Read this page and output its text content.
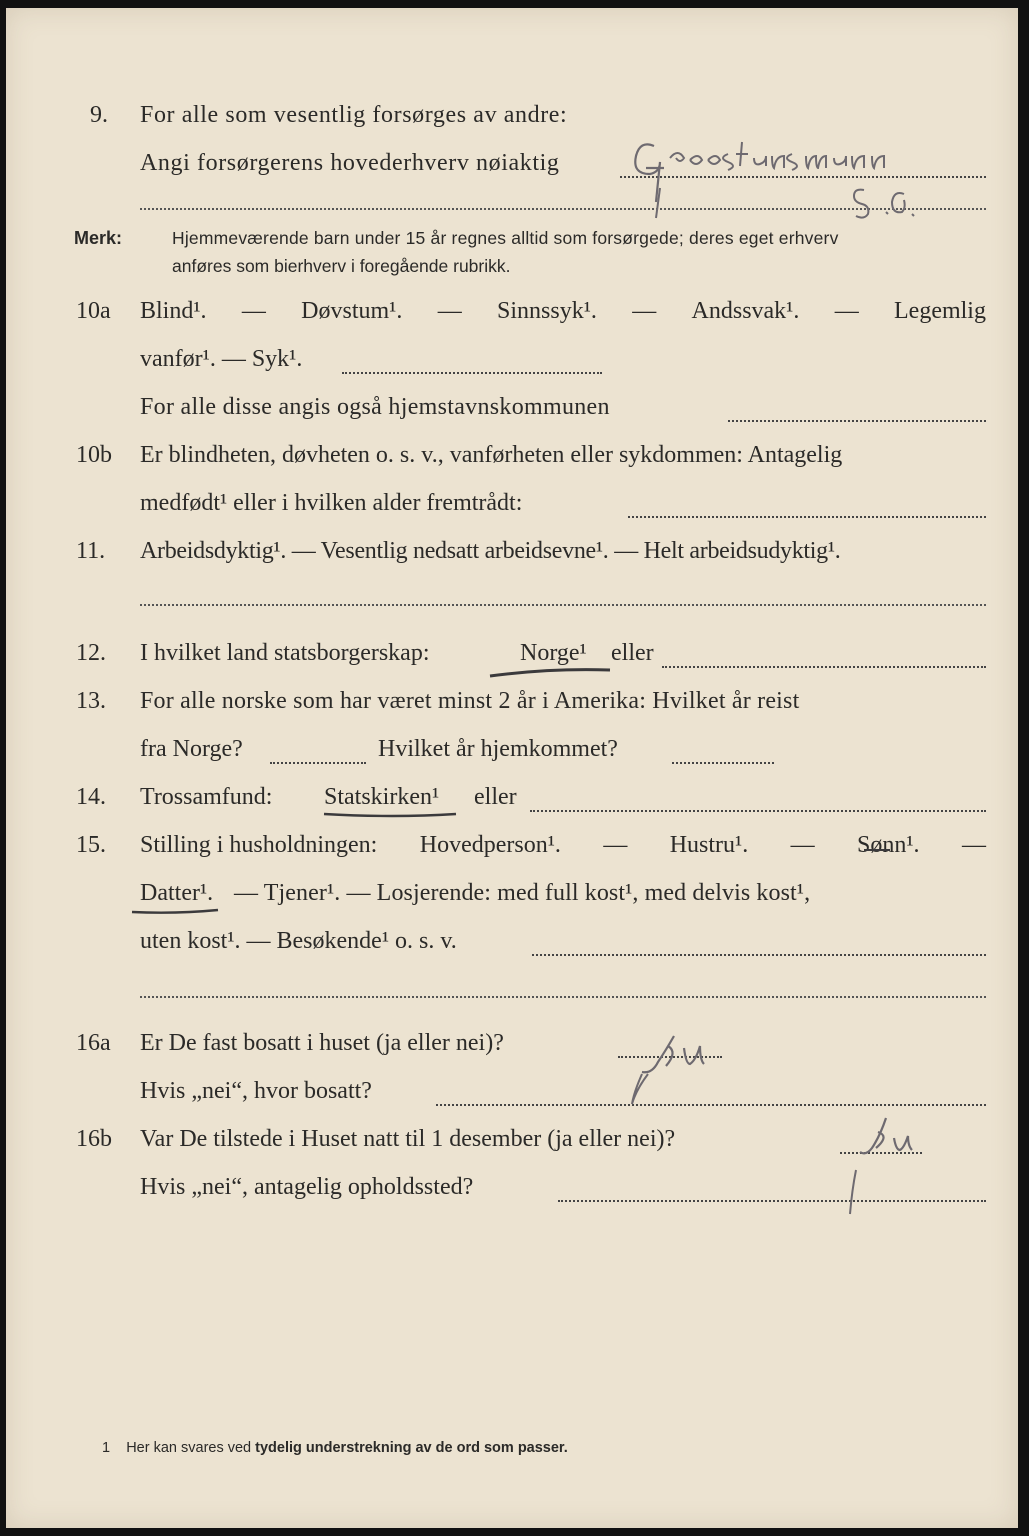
9. For alle som vesentlig forsørges av andre:
Angi forsørgerens hovederhverv nøiaktig
Merk:	Hjemmeværende barn under 15 år regnes alltid som forsørgede; deres eget erhverv
anføres som bierhverv i foregående rubrikk.
10a Blind¹. — Døvstum¹. — Sinnssyk¹. — Andssvak¹. — Legemlig
vanfør¹. — Syk¹.
For alle disse angis også hjemstavnskommunen
10b Er blindheten, døvheten o. s. v., vanførheten eller sykdommen: Antagelig
medfødt¹ eller i hvilken alder fremtrådt:
11. Arbeidsdyktig¹. — Vesentlig nedsatt arbeidsevne¹. — Helt arbeidsudyktig¹.
12. I hvilket land statsborgerskap:	Norge¹ eller
13. For alle norske som har været minst 2 år i Amerika: Hvilket år reist
fra Norge?	Hvilket år hjemkommet?
14. Trossamfund: Statskirken¹ eller
15. Stilling i husholdningen: Hovedperson¹. — Hustru¹. — Sønn¹. —
Datter¹. — Tjener¹. — Losjerende: med full kost¹, med delvis kost¹,
uten kost¹. — Besøkende¹ o. s. v.
16a Er De fast bosatt i huset (ja eller nei)?
Hvis „nei“, hvor bosatt?
16b Var De tilstede i Huset natt til 1 desember (ja eller nei)?
Hvis „nei“, antagelig opholdssted?
1 Her kan svares ved tydelig understrekning av de ord som passer.
